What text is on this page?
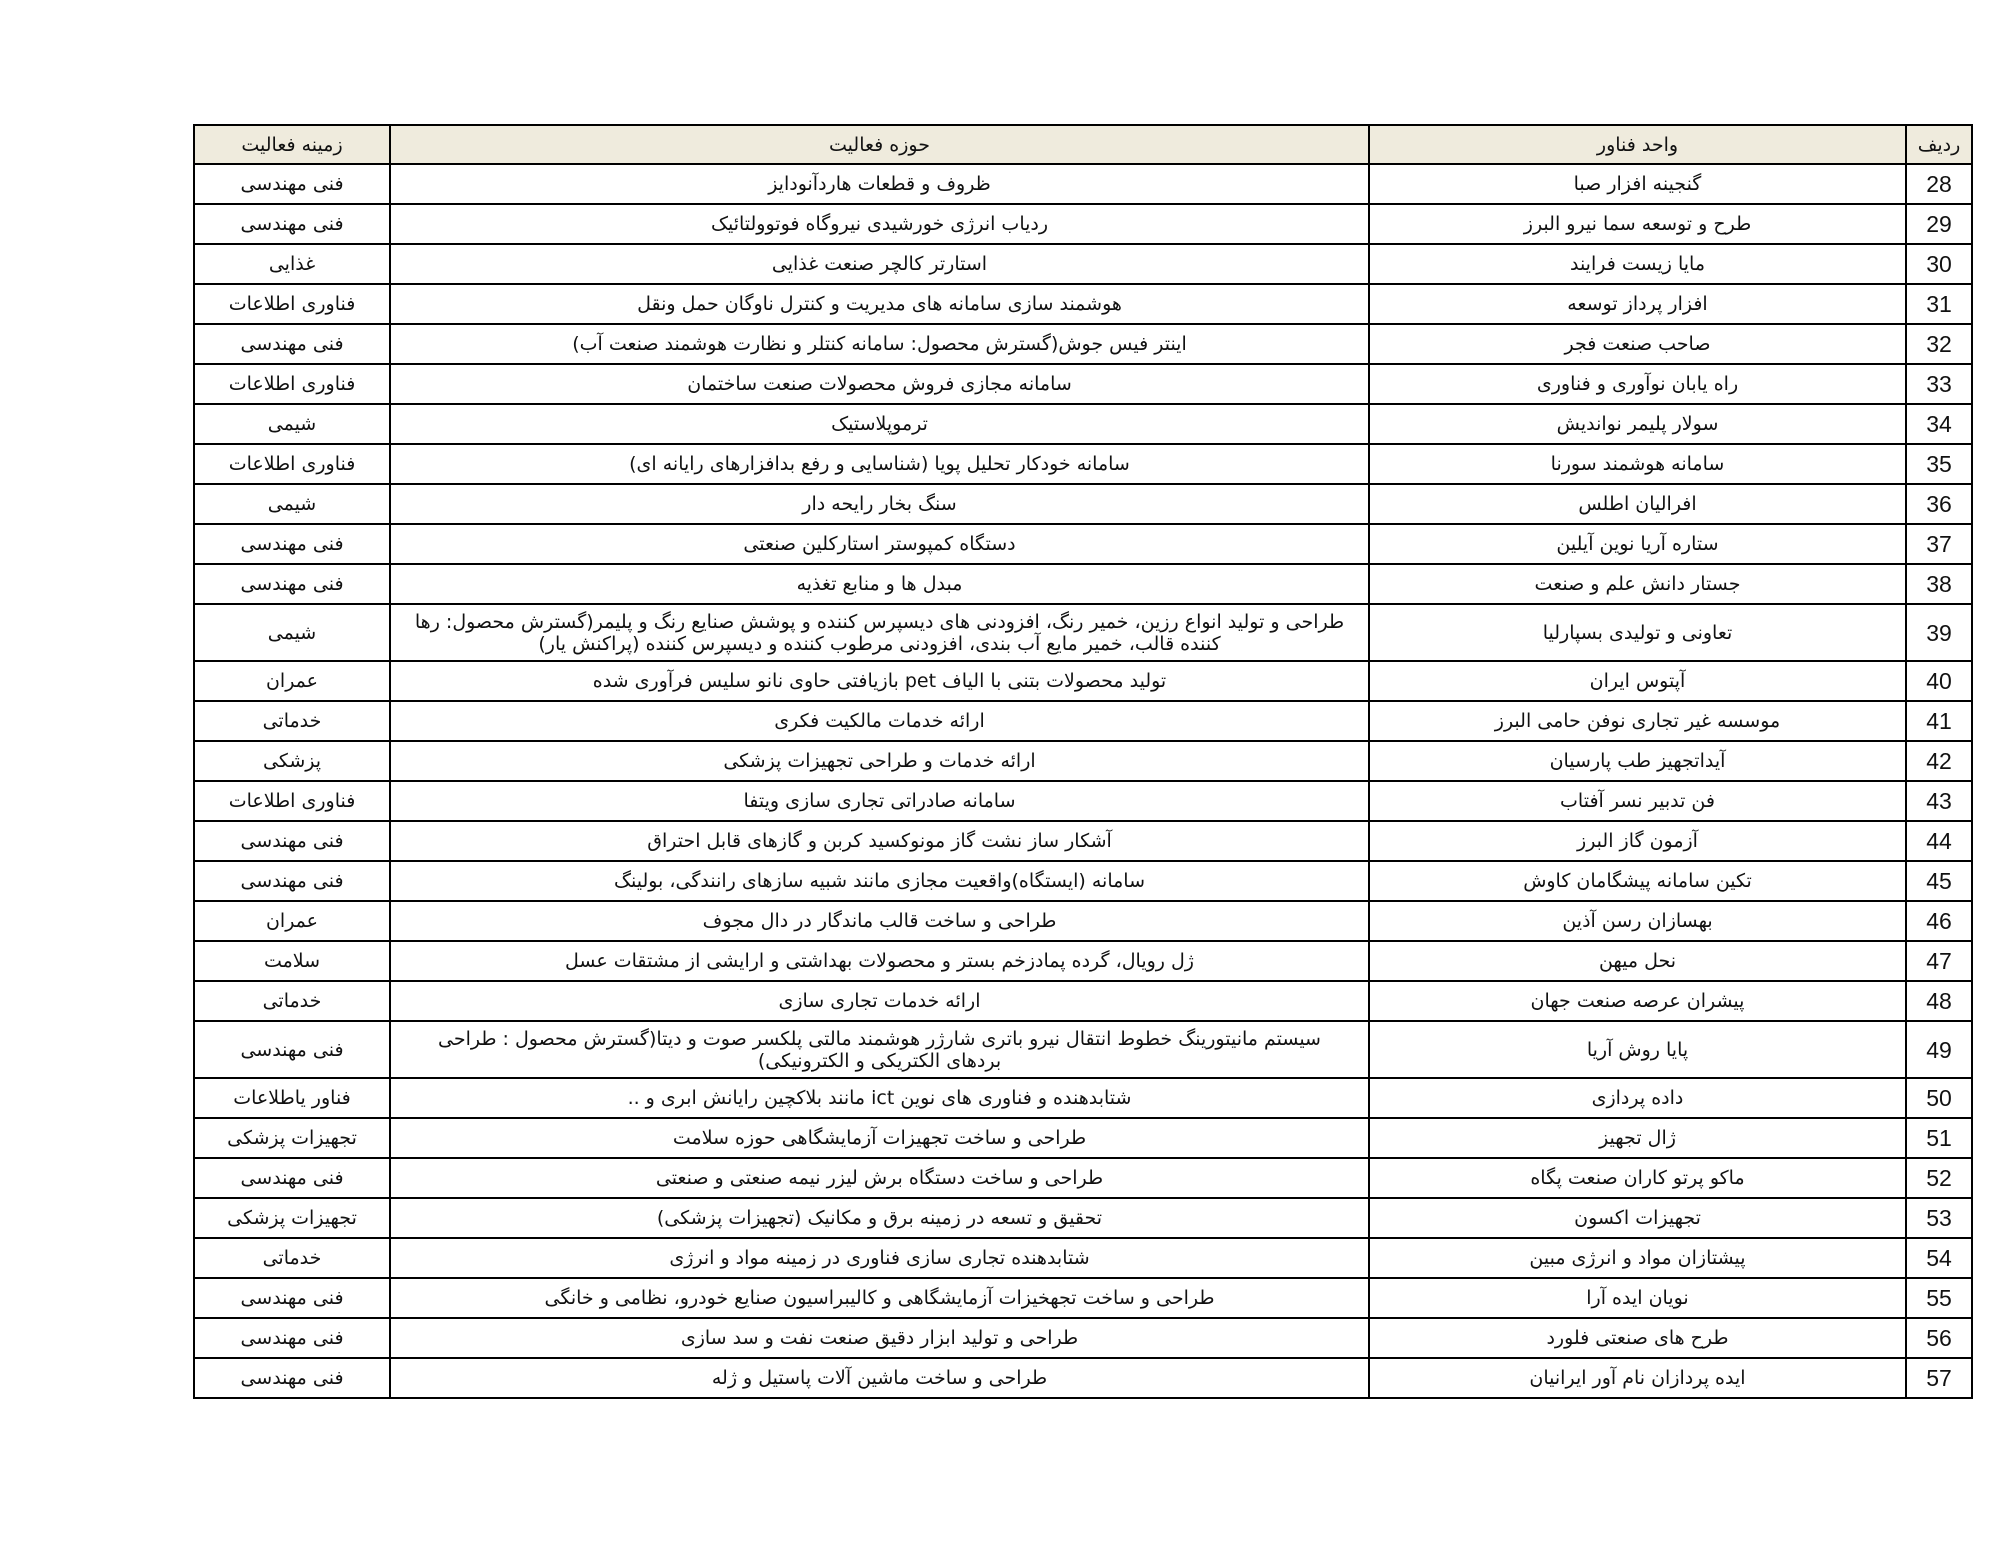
زمینه فعالیت	حوزه فعالیت	واحد فناور	ردیف
فنی مهندسی	ظروف و قطعات هاردآنودایز	گنجینه افزار صبا	28
فنی مهندسی	ردیاب انرژی خورشیدی نیروگاه فوتوولتائیک	طرح و توسعه سما نیرو البرز	29
غذایی	استارتر کالچر صنعت غذایی	مایا زیست فرایند	30
فناوری اطلاعات	هوشمند سازی سامانه های مدیریت و کنترل ناوگان حمل ونقل	افزار پرداز توسعه	31
فنی مهندسی	اینتر فیس جوش(گسترش محصول: سامانه کنتلر و نظارت هوشمند صنعت آب)	صاحب صنعت فجر	32
فناوری اطلاعات	سامانه مجازی فروش محصولات صنعت ساختمان	راه یابان نوآوری و فناوری	33
شیمی	ترموپلاستیک	سولار پلیمر نواندیش	34
فناوری اطلاعات	سامانه خودکار تحلیل پویا (شناسایی و رفع بدافزارهای رایانه ای)	سامانه هوشمند سورنا	35
شیمی	سنگ بخار رایحه دار	افرالیان اطلس	36
فنی مهندسی	دستگاه کمپوستر استارکلین صنعتی	ستاره آریا نوین آیلین	37
فنی مهندسی	مبدل ها و منابع تغذیه	جستار دانش علم و صنعت	38
شیمی	طراحی و تولید انواع رزین، خمیر رنگ، افزودنی های دیسپرس کننده و پوشش صنایع رنگ و پلیمر(گسترش محصول: رها کننده قالب، خمیر مایع آب بندی، افزودنی مرطوب کننده و دیسپرس کننده (پراکنش یار)	تعاونی و تولیدی بسپارلیا	39
عمران	تولید محصولات بتنی با الیاف pet بازیافتی حاوی نانو سلیس فرآوری شده	آپتوس ایران	40
خدماتی	ارائه خدمات مالکیت فکری	موسسه غیر تجاری نوفن حامی البرز	41
پزشکی	ارائه خدمات و طراحی تجهیزات پزشکی	آیداتجهیز طب پارسیان	42
فناوری اطلاعات	سامانه صادراتی تجاری سازی ویتفا	فن تدبیر نسر آفتاب	43
فنی مهندسی	آشکار ساز نشت گاز مونوکسید کربن و گازهای قابل احتراق	آزمون گاز البرز	44
فنی مهندسی	سامانه (ایستگاه)واقعیت مجازی مانند شبیه سازهای رانندگی، بولینگ	تکین سامانه پیشگامان کاوش	45
عمران	طراحی و ساخت قالب ماندگار در دال مجوف	بهسازان رسن آذین	46
سلامت	ژل رویال، گرده پمادزخم بستر و محصولات بهداشتی و ارایشی از مشتقات عسل	نحل میهن	47
خدماتی	ارائه خدمات تجاری سازی	پیشران عرصه صنعت جهان	48
فنی مهندسی	سیستم مانیتورینگ خطوط انتقال نیرو باتری شارژر هوشمند مالتی پلکسر صوت و دیتا(گسترش محصول : طراحی بردهای الکتریکی و الکترونیکی)	پایا روش آریا	49
فناور یاطلاعات	شتابدهنده و فناوری های نوین ict مانند بلاکچین رایانش ابری و ..	داده پردازی	50
تجهیزات پزشکی	طراحی و ساخت تجهیزات آزمایشگاهی حوزه سلامت	ژال تجهیز	51
فنی مهندسی	طراحی و ساخت دستگاه برش لیزر نیمه صنعتی و صنعتی	ماکو پرتو کاران صنعت پگاه	52
تجهیزات پزشکی	تحقیق و تسعه در زمینه برق و مکانیک (تجهیزات پزشکی)	تجهیزات اکسون	53
خدماتی	شتابدهنده تجاری سازی فناوری در زمینه مواد و انرژی	پیشتازان مواد و انرژی مبین	54
فنی مهندسی	طراحی و ساخت تجهخیزات آزمایشگاهی و کالیبراسیون صنایع خودرو، نظامی و خانگی	نویان ایده آرا	55
فنی مهندسی	طراحی و تولید ابزار دقیق صنعت نفت و سد سازی	طرح های صنعتی فلورد	56
فنی مهندسی	طراحی و ساخت ماشین آلات پاستیل و ژله	ایده پردازان نام آور ایرانیان	57
